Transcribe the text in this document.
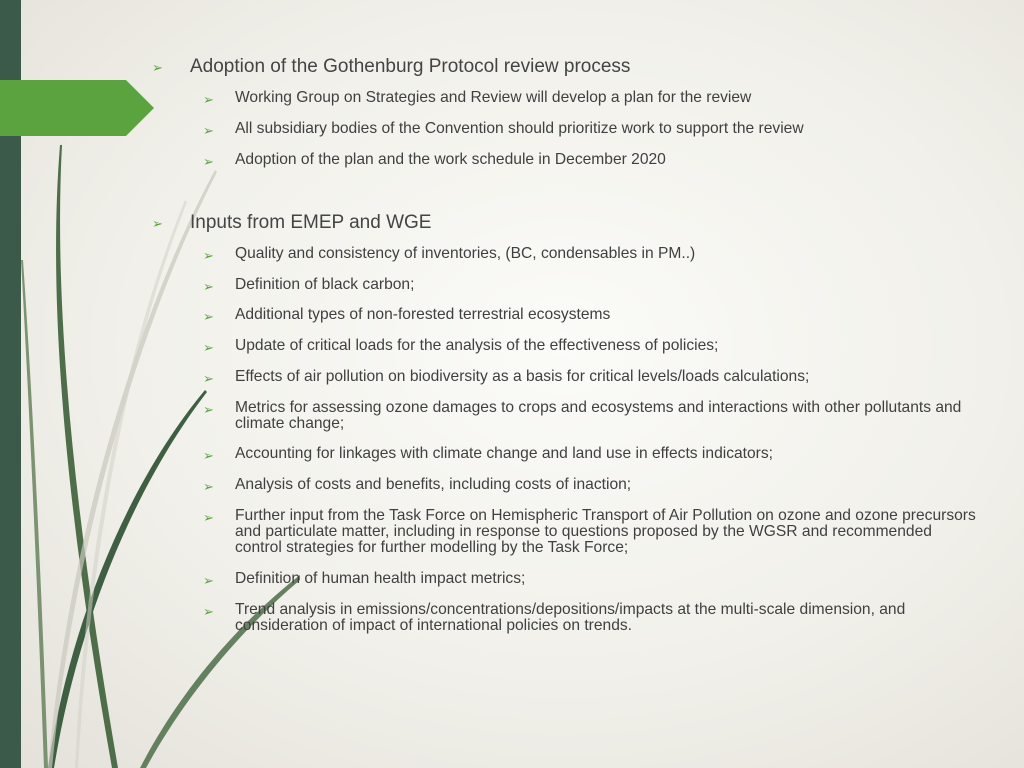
➢ Adoption of the Gothenburg Protocol review process
➢ Working Group on Strategies and Review will develop a plan for the review
➢ All subsidiary bodies of the Convention should prioritize work to support the review
➢ Adoption of the plan and the work schedule in December 2020
➢ Inputs from EMEP and WGE
➢ Quality and consistency of inventories, (BC, condensables in PM..)
➢ Definition of black carbon;
➢ Additional types of non-forested terrestrial ecosystems
➢ Update of critical loads for the analysis of the effectiveness of policies;
➢ Effects of air pollution on biodiversity as a basis for critical levels/loads calculations;
➢ Metrics for assessing ozone damages to crops and ecosystems and interactions with other pollutants and climate change;
➢ Accounting for linkages with climate change and land use in effects indicators;
➢ Analysis of costs and benefits, including costs of inaction;
➢ Further input from the Task Force on Hemispheric Transport of Air Pollution on ozone and ozone precursors and particulate matter, including in response to questions proposed by the WGSR and recommended control strategies for further modelling by the Task Force;
➢ Definition of human health impact metrics;
➢ Trend analysis in emissions/concentrations/depositions/impacts at the multi-scale dimension, and consideration of impact of international policies on trends.
